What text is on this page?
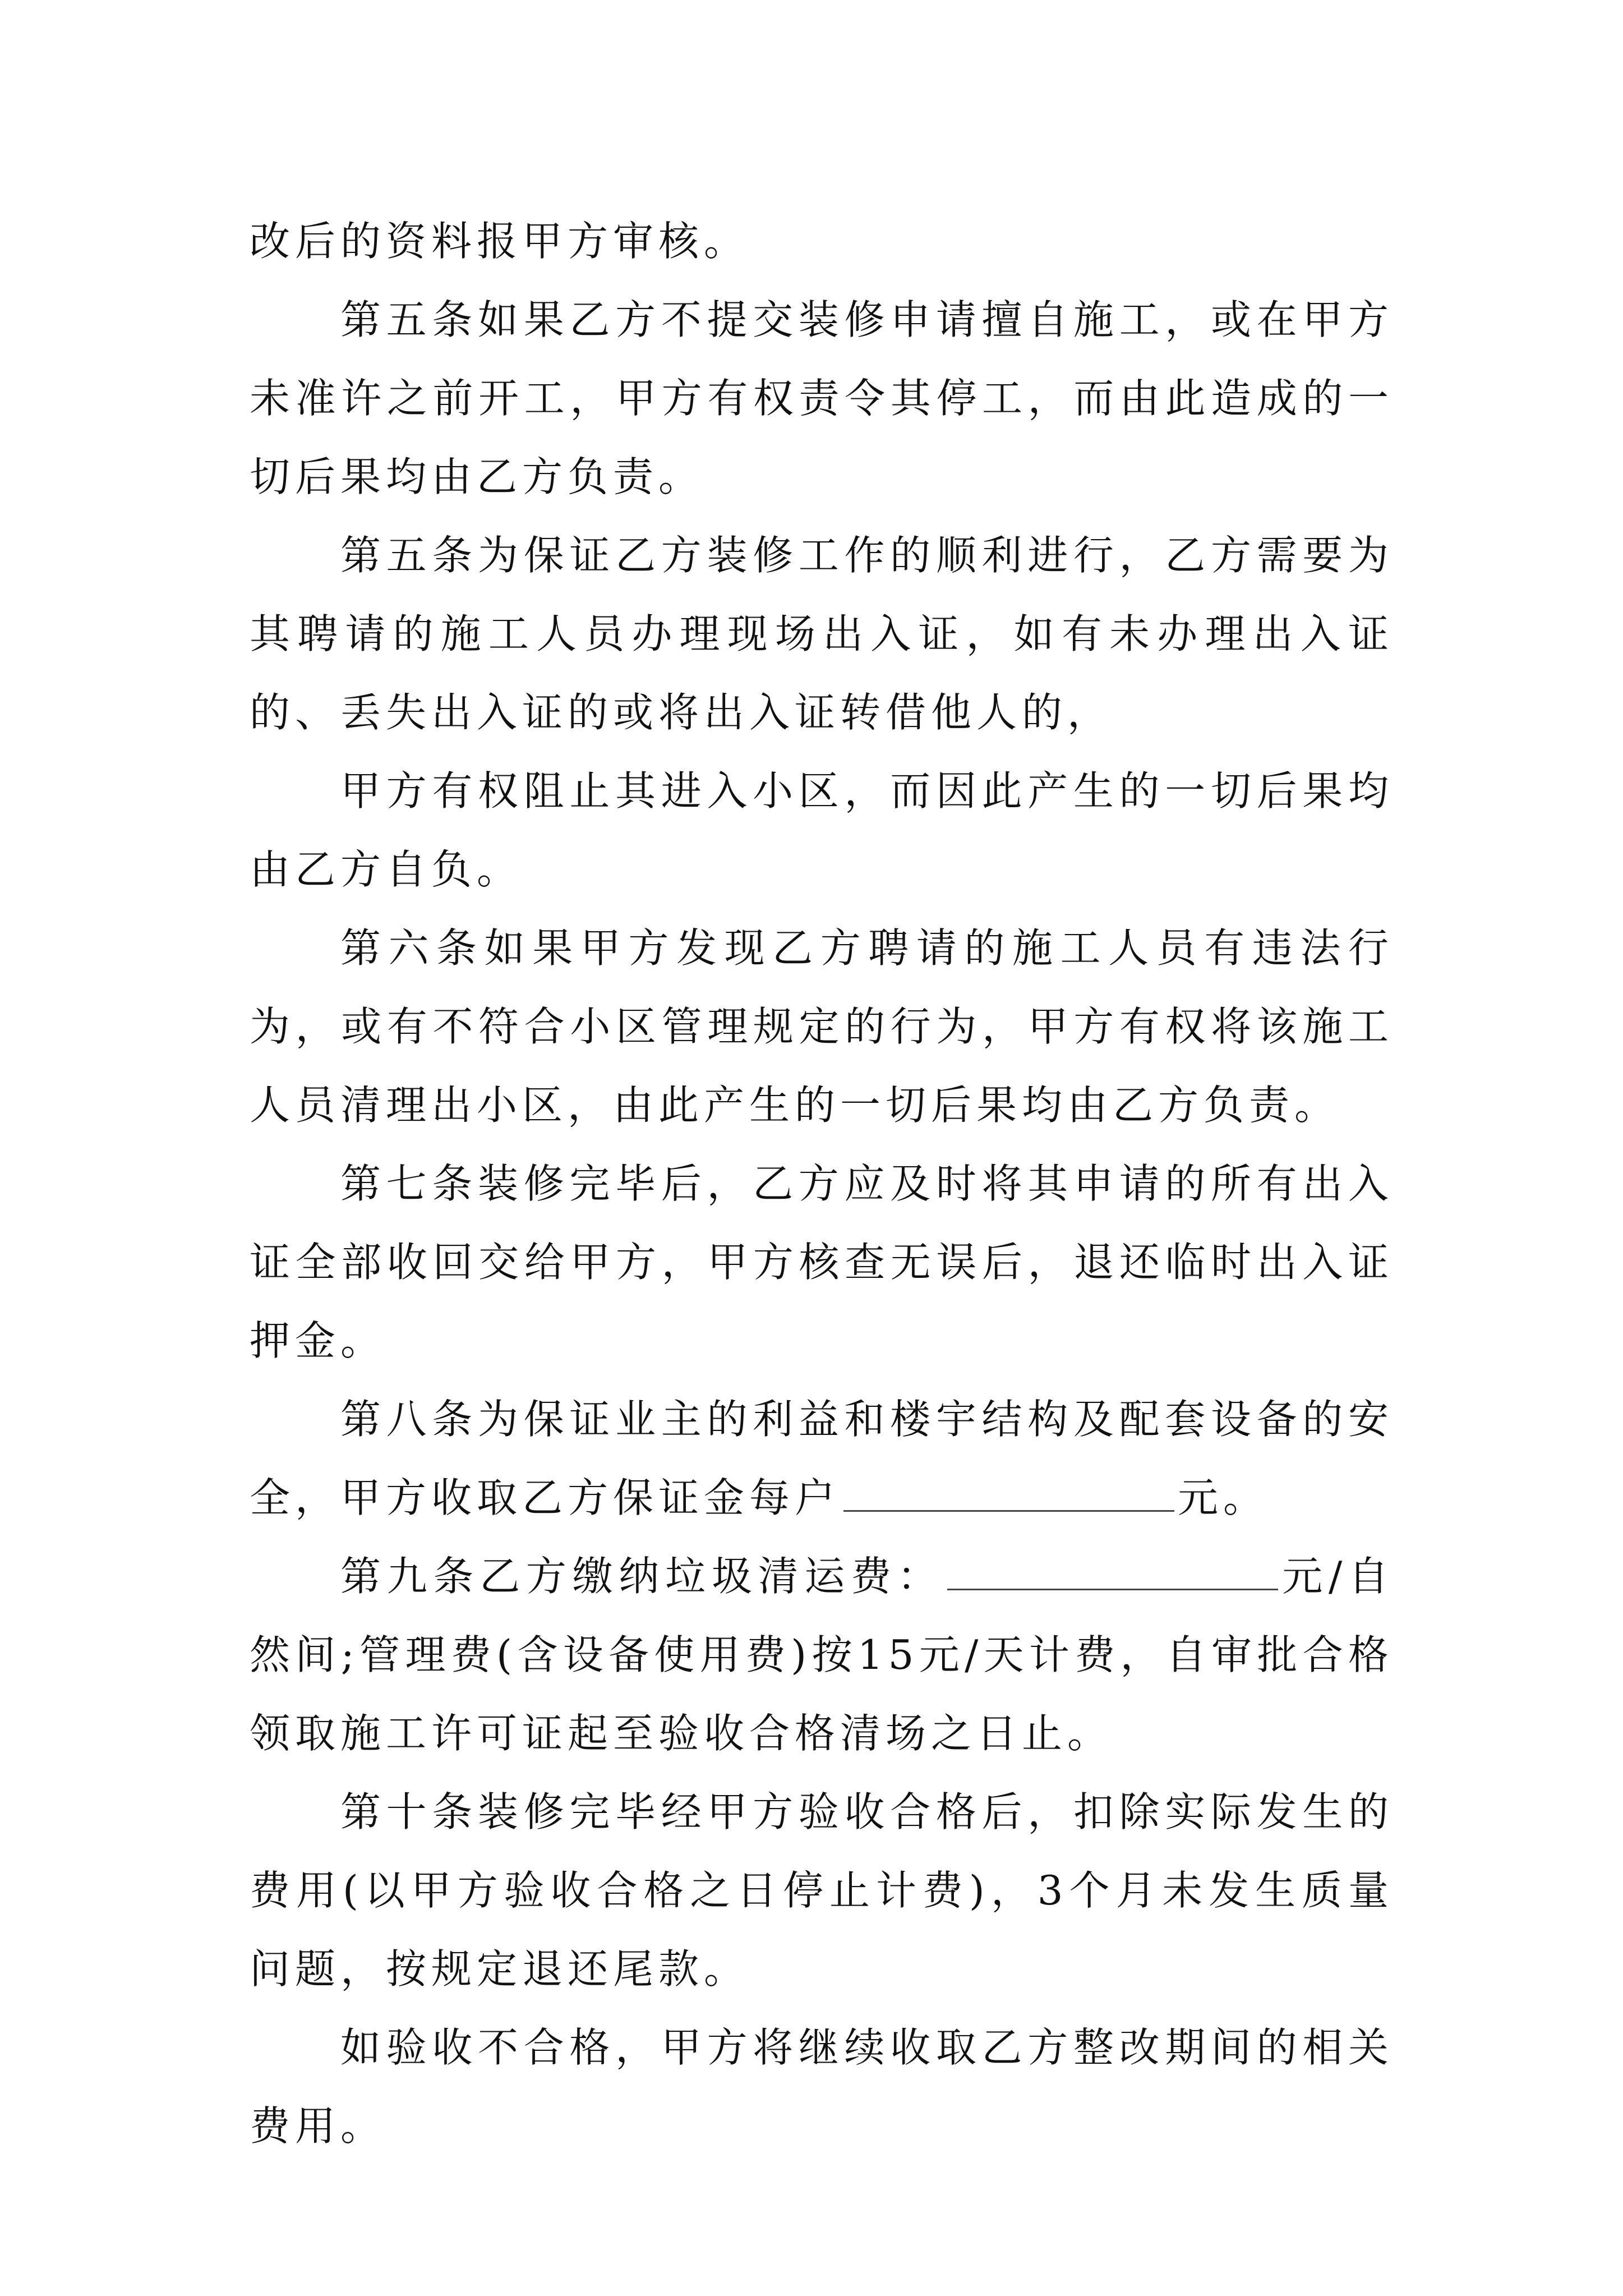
改后的资料报甲方审核。

第五条如果乙方不提交装修申请擅自施工，或在甲方未准许之前开工，甲方有权责令其停工，而由此造成的一切后果均由乙方负责。

第五条为保证乙方装修工作的顺利进行，乙方需要为其聘请的施工人员办理现场出入证，如有未办理出入证的、丢失出入证的或将出入证转借他人的，

甲方有权阻止其进入小区，而因此产生的一切后果均由乙方自负。

第六条如果甲方发现乙方聘请的施工人员有违法行为，或有不符合小区管理规定的行为，甲方有权将该施工人员清理出小区，由此产生的一切后果均由乙方负责。

第七条装修完毕后，乙方应及时将其申请的所有出入证全部收回交给甲方，甲方核查无误后，退还临时出入证押金。

第八条为保证业主的利益和楼宇结构及配套设备的安全，甲方收取乙方保证金每户	元。

第九条乙方缴纳垃圾清运费：	元/自然间;管理费(含设备使用费)按15元/天计费，自审批合格领取施工许可证起至验收合格清场之日止。

第十条装修完毕经甲方验收合格后，扣除实际发生的费用(以甲方验收合格之日停止计费)，3个月未发生质量问题，按规定退还尾款。

如验收不合格，甲方将继续收取乙方整改期间的相关费用。
